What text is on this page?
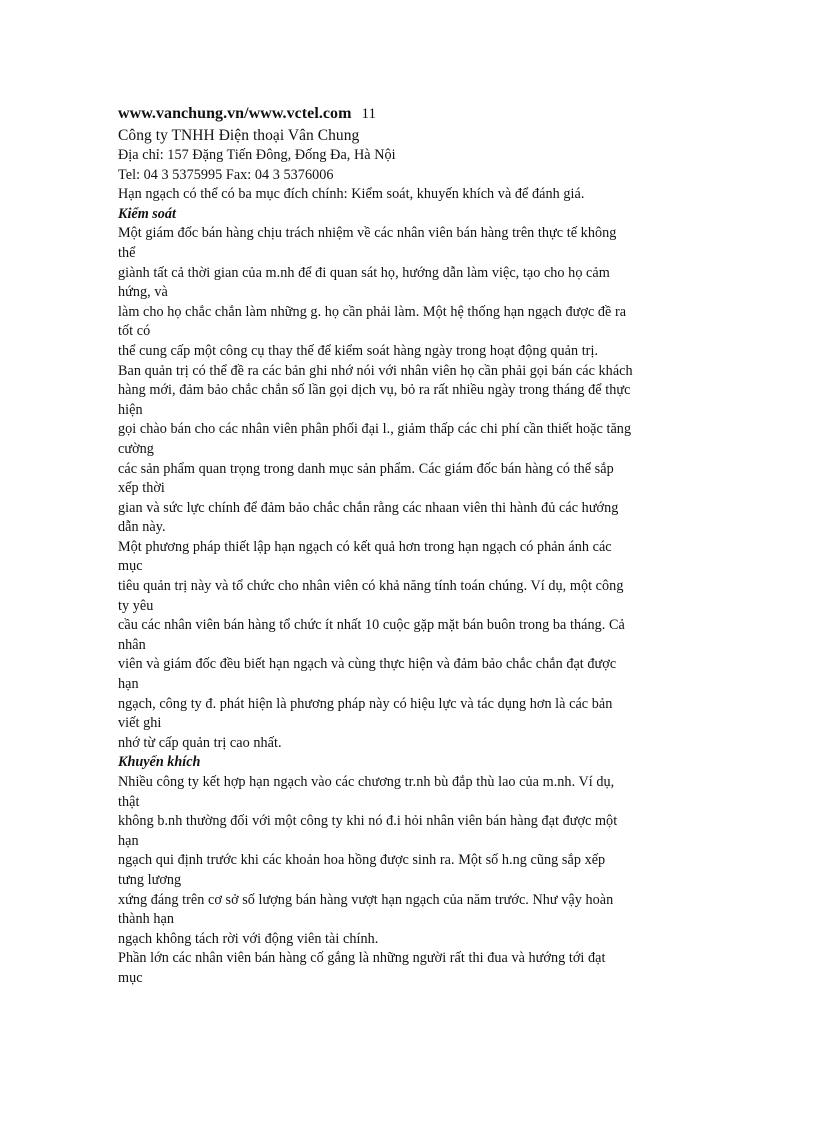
www.vanchung.vn/www.vctel.com 11
Công ty TNHH Điện thoại Vân Chung
Địa chỉ: 157 Đặng Tiến Đông, Đống Đa, Hà Nội
Tel: 04 3 5375995 Fax: 04 3 5376006
Hạn ngạch có thể có ba mục đích chính: Kiểm soát, khuyến khích và để đánh giá.
Kiểm soát
Một giám đốc bán hàng chịu trách nhiệm về các nhân viên bán hàng trên thực tế không
thể
giành tất cả thời gian của m.nh để đi quan sát họ, hướng dẫn làm việc, tạo cho họ cảm
hứng, và
làm cho họ chắc chắn làm những g. họ cần phải làm. Một hệ thống hạn ngạch được đề ra
tốt có
thể cung cấp một công cụ thay thế để kiểm soát hàng ngày trong hoạt động quản trị.
Ban quản trị có thể đề ra các bản ghi nhớ nói với nhân viên họ cần phải gọi bán các khách
hàng mới, đảm bảo chắc chắn số lần gọi dịch vụ, bỏ ra rất nhiều ngày trong tháng để thực
hiện
gọi chào bán cho các nhân viên phân phối đại l., giảm thấp các chi phí cần thiết hoặc tăng
cường
các sản phẩm quan trọng trong danh mục sản phẩm. Các giám đốc bán hàng có thể sắp
xếp thời
gian và sức lực chính để đảm bảo chắc chắn rằng các nhaan viên thi hành đủ các hướng
dẫn này.
Một phương pháp thiết lập hạn ngạch có kết quả hơn trong hạn ngạch có phản ánh các
mục
tiêu quản trị này và tổ chức cho nhân viên có khả năng tính toán chúng. Ví dụ, một công
ty yêu
cầu các nhân viên bán hàng tổ chức ít nhất 10 cuộc gặp mặt bán buôn trong ba tháng. Cả
nhân
viên và giám đốc đều biết hạn ngạch và cùng thực hiện và đảm bảo chắc chắn đạt được
hạn
ngạch, công ty đ. phát hiện là phương pháp này có hiệu lực và tác dụng hơn là các bản
viết ghi
nhớ từ cấp quản trị cao nhất.
Khuyến khích
Nhiều công ty kết hợp hạn ngạch vào các chương tr.nh bù đắp thù lao của m.nh. Ví dụ,
thật
không b.nh thường đối với một công ty khi nó đ.i hỏi nhân viên bán hàng đạt được một
hạn
ngạch qui định trước khi các khoản hoa hồng được sinh ra. Một số h.ng cũng sắp xếp
tưng lương
xứng đáng trên cơ sở số lượng bán hàng vượt hạn ngạch của năm trước. Như vậy hoàn
thành hạn
ngạch không tách rời với động viên tài chính.
Phần lớn các nhân viên bán hàng cố gắng là những người rất thi đua và hướng tới đạt
mục
